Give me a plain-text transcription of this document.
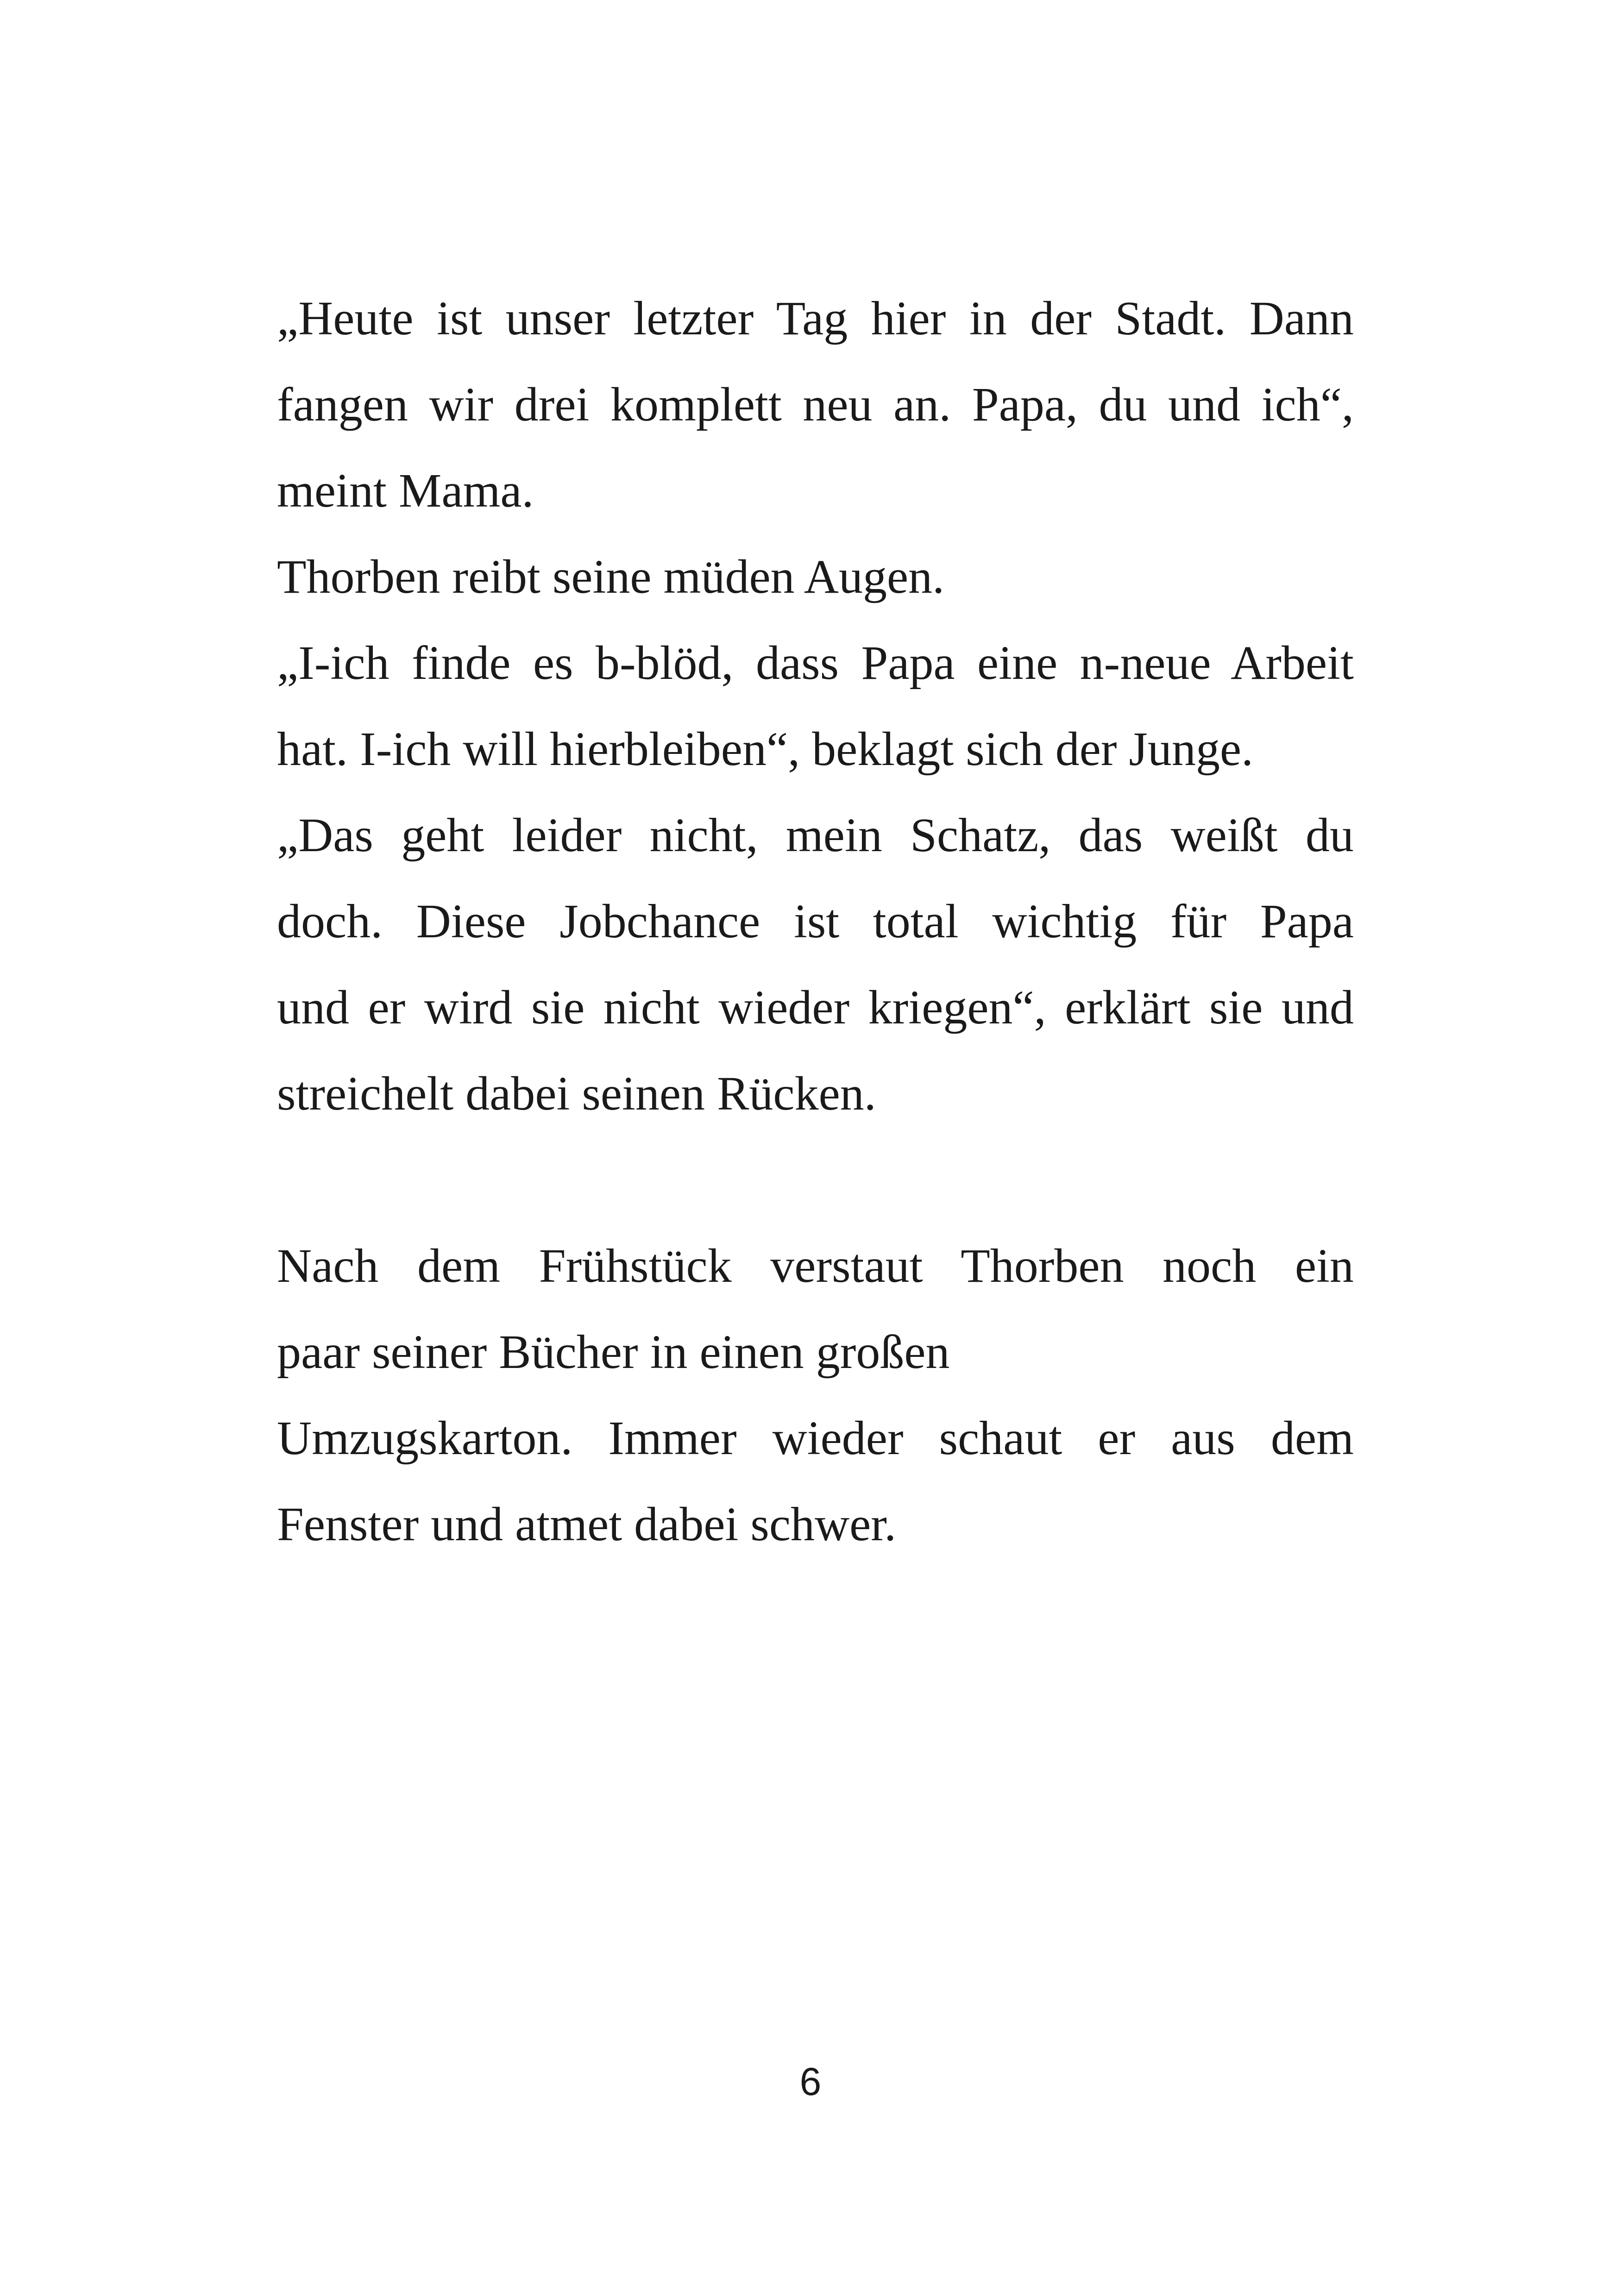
„Heute ist unser letzter Tag hier in der Stadt. Dann
fangen wir drei komplett neu an. Papa, du und ich“,
meint Mama.
Thorben reibt seine müden Augen.
„I-ich finde es b-blöd, dass Papa eine n-neue Arbeit
hat. I-ich will hierbleiben“, beklagt sich der Junge.
„Das geht leider nicht, mein Schatz, das weißt du
doch. Diese Jobchance ist total wichtig für Papa
und er wird sie nicht wieder kriegen“, erklärt sie und
streichelt dabei seinen Rücken.
Nach dem Frühstück verstaut Thorben noch ein
paar seiner Bücher in einen großen
Umzugskarton. Immer wieder schaut er aus dem
Fenster und atmet dabei schwer.
6
